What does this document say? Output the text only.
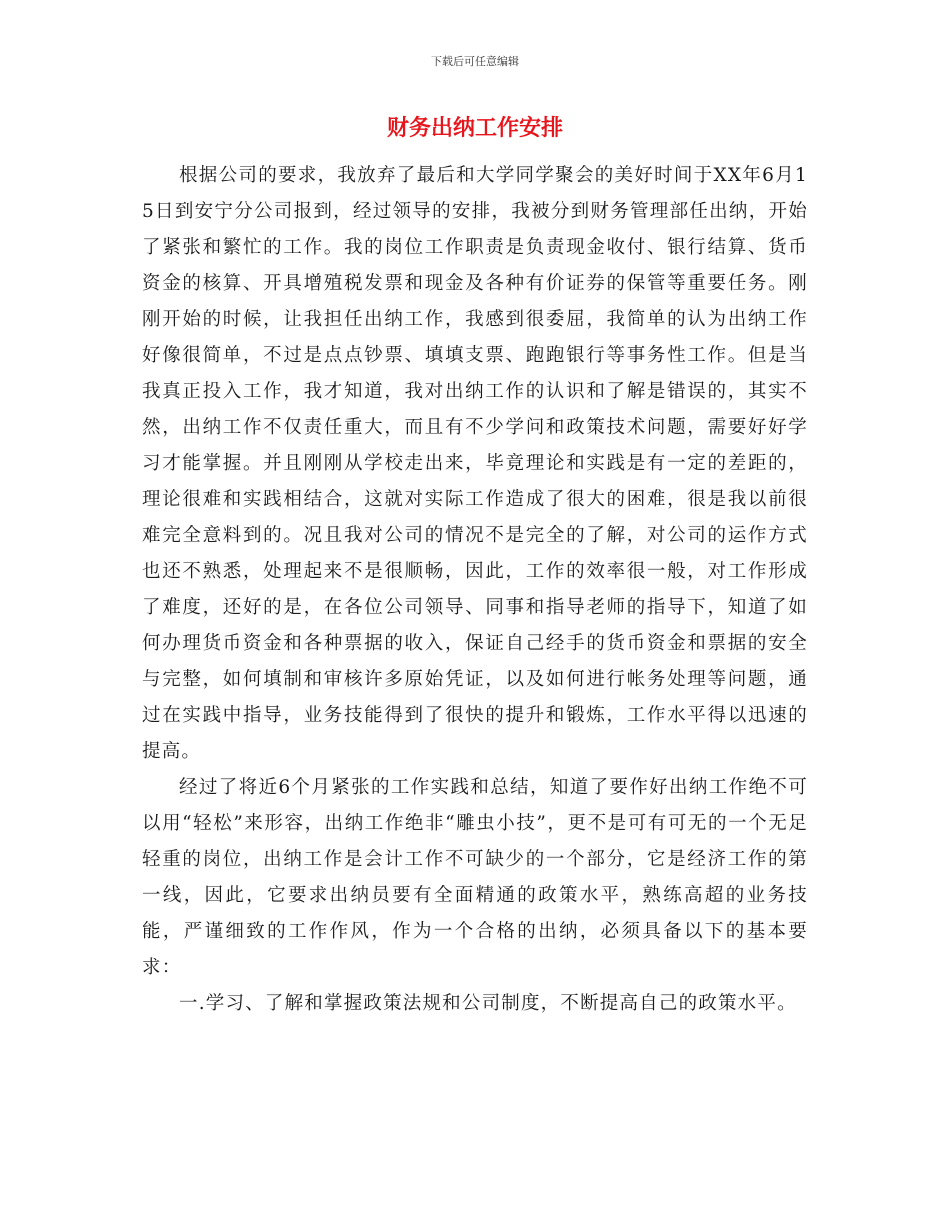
下载后可任意编辑
财务出纳工作安排

根据公司的要求，我放弃了最后和大学同学聚会的美好时间于XX年6月15日到安宁分公司报到，经过领导的安排，我被分到财务管理部任出纳，开始了紧张和繁忙的工作。我的岗位工作职责是负责现金收付、银行结算、货币资金的核算、开具增殖税发票和现金及各种有价证券的保管等重要任务。刚刚开始的时候，让我担任出纳工作，我感到很委屈，我简单的认为出纳工作好像很简单，不过是点点钞票、填填支票、跑跑银行等事务性工作。但是当我真正投入工作，我才知道，我对出纳工作的认识和了解是错误的，其实不然，出纳工作不仅责任重大，而且有不少学问和政策技术问题，需要好好学习才能掌握。并且刚刚从学校走出来，毕竟理论和实践是有一定的差距的，理论很难和实践相结合，这就对实际工作造成了很大的困难，很是我以前很难完全意料到的。况且我对公司的情况不是完全的了解，对公司的运作方式也还不熟悉，处理起来不是很顺畅，因此，工作的效率很一般，对工作形成了难度，还好的是，在各位公司领导、同事和指导老师的指导下，知道了如何办理货币资金和各种票据的收入，保证自己经手的货币资金和票据的安全与完整，如何填制和审核许多原始凭证，以及如何进行帐务处理等问题，通过在实践中指导，业务技能得到了很快的提升和锻炼，工作水平得以迅速的提高。

经过了将近6个月紧张的工作实践和总结，知道了要作好出纳工作绝不可以用“轻松”来形容，出纳工作绝非“雕虫小技”，更不是可有可无的一个无足轻重的岗位，出纳工作是会计工作不可缺少的一个部分，它是经济工作的第一线，因此，它要求出纳员要有全面精通的政策水平，熟练高超的业务技能，严谨细致的工作作风，作为一个合格的出纳，必须具备以下的基本要求：

一.学习、了解和掌握政策法规和公司制度，不断提高自己的政策水平。
